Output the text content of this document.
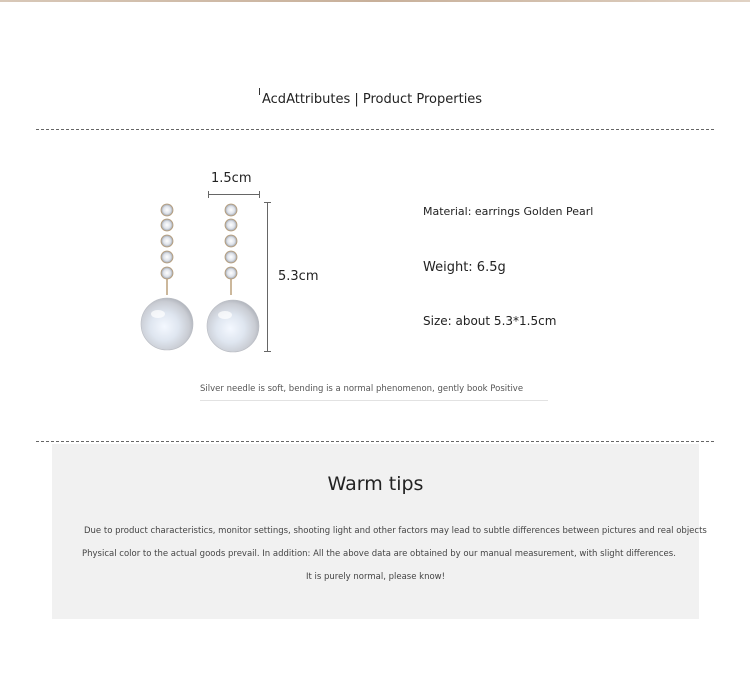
AcdAttributes | Product Properties
1.5cm
5.3cm
Material: earrings Golden Pearl
Weight: 6.5g
Size: about 5.3*1.5cm
Silver needle is soft, bending is a normal phenomenon, gently book Positive
Warm tips
Due to product characteristics, monitor settings, shooting light and other factors may lead to subtle differences between pictures and real objects
Physical color to the actual goods prevail. In addition: All the above data are obtained by our manual measurement, with slight differences.
It is purely normal, please know!
